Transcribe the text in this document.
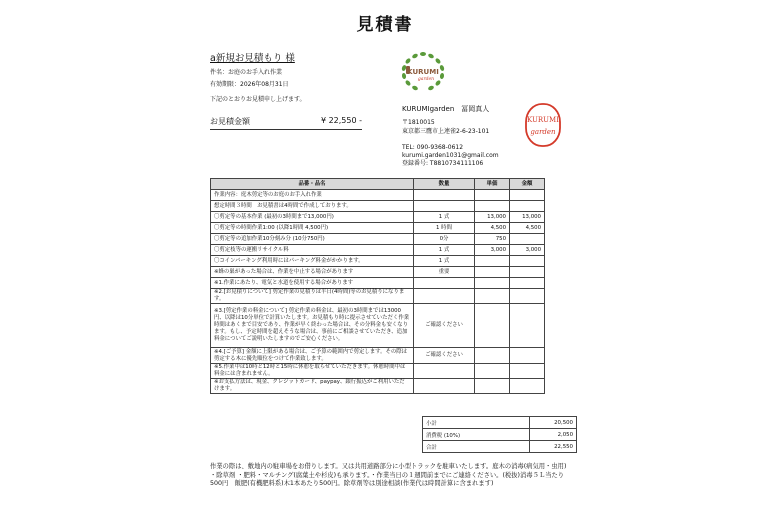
見積書
a新規お見積もり 様
件名：お庭のお手入れ作業
有効期限：2026年08月31日
下記のとおりお見積申し上げます。
お見積金額	¥ 22,550 -
KURUMI
garden
KURUMIgarden　冨岡真人
〒1810015
東京都三鷹市上連雀2-6-23-101
TEL: 090-9368-0612
kurumi.garden1031@gmail.com
登録番号: T8810734111106
KURUMI
garden
品番・品名	数量	単価	金額
作業内容：庭木剪定等のお庭のお手入れ作業			
想定時間３時間　お見積書は4時間で作成しております。			
〇剪定等の基本作業 (最初の3時間まで13,000円)	1 式	13,000	13,000
〇剪定等の時間作業1:00 (以降1時間 4,500円)	1 時間	4,500	4,500
〇剪定等の追加作業10分刻み分 (10分750円)	0分	750	
〇剪定枝等の運搬リサイクル料	1 式	3,000	3,000
〇コインパーキング利用時にはパーキング料金がかかります。	1 式		
※蜂の巣があった場合は、作業を中止する場合があります	重要		
※1.作業にあたり、電気と水道を使用する場合があります			
※2.[お見積りについて] 剪定作業の見積りは半日(4時間)等のお見積りになります。			
※3.[剪定作業の料金について] 剪定作業の料金は、最初の3時間までは13000円、以降は10分単位で計算いたします。お見積もり時に提示させていただく作業時間はあくまで目安であり、作業が早く終わった場合は、その分料金も安くなります。もし、予定時間を超えそうな場合は、事前にご相談させていただき、追加料金についてご説明いたしますのでご安心ください。	ご確認ください		
※4.[ご予算] 金額に上限がある場合は、ご予算の範囲内で剪定します。その際は剪定する木に優先順位をつけて作業致します。	ご確認ください		
※5.作業中は10時と12時と15時に休憩を取らせていただきます。休憩時間中は料金には含まれません。			
※お支払方法は、現金、クレジットカード、paypay、銀行振込がご利用いただけます。			
小計	20,500
消費税 (10%)	2,050
合計	22,550
作業の際は、敷地内の駐車場をお借りします。又は共用道路部分に小型トラックを駐車いたします。庭木の消毒(病気用・虫用) ・除草剤 ・肥料・マルチング(腐葉土や杉皮)も承ります。・作業当日の１週間前までにご連絡ください。(税抜)消毒５Ｌ当たり500円　飯肥(有機肥料系)木1本あたり500円。除草剤等は別途相談(作業代は時間計算に含まれます)
